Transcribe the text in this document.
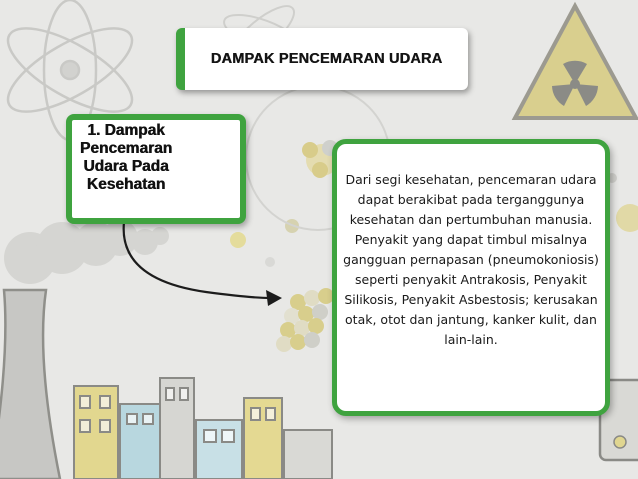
DAMPAK PENCEMARAN UDARA
1. Dampak Pencemaran Udara Pada Kesehatan	Dari segi kesehatan, pencemaran udara dapat berakibat pada terganggunya kesehatan dan pertumbuhan manusia. Penyakit yang dapat timbul misalnya gangguan pernapasan (pneumokoniosis) seperti penyakit Antrakosis, Penyakit Silikosis, Penyakit Asbestosis; kerusakan otak, otot dan jantung, kanker kulit, dan lain-lain.
